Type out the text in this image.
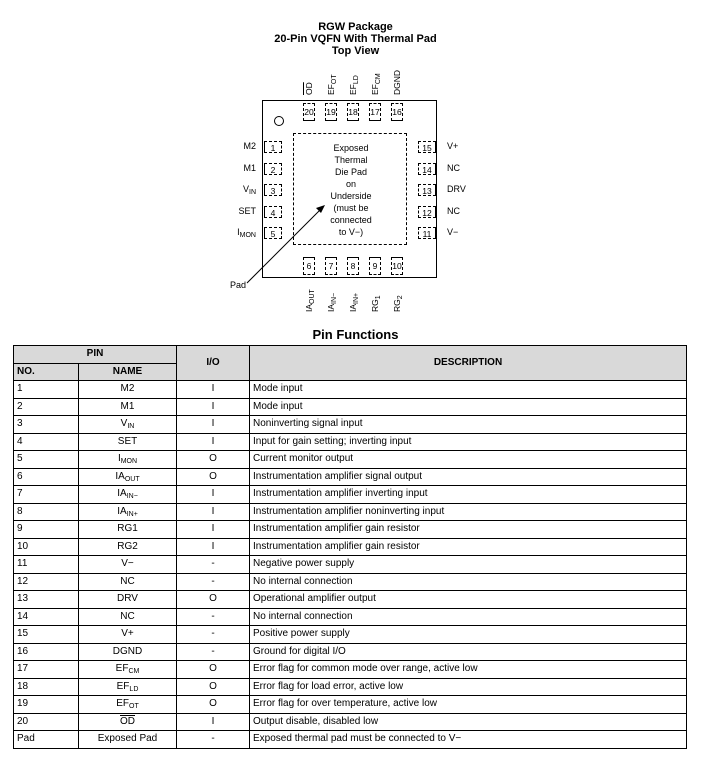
RGW Package
20-Pin VQFN With Thermal Pad
Top View
Exposed
Thermal
Die Pad
on
Underside
(must be
connected
to V−)
Pad
1
M2
2
M1
3
$V_{IN}$
4
SET
5
$I_{MON}$
15	V+
14	NC
13	DRV
12	NC
11	V−
20
$\overline{OD}$
19
$EF_{OT}$
18
$EF_{LD}$
17
$EF_{CM}$
16
DGND
6
$IA_{OUT}$
7
$IA_{IN-}$
8
$IA_{IN+}$
9
$RG_1$
10
$RG_2$
Pin Functions
PIN		I/O	DESCRIPTION
NO.	NAME		
1	M2	I	Mode input
2	M1	I	Mode input
3	$V_{IN}$	I	Noninverting signal input
4	SET	I	Input for gain setting; inverting input
5	$I_{MON}$	O	Current monitor output
6	$IA_{OUT}$	O	Instrumentation amplifier signal output
7	$IA_{IN-}$	I	Instrumentation amplifier inverting input
8	$IA_{IN+}$	I	Instrumentation amplifier noninverting input
9	RG1	I	Instrumentation amplifier gain resistor
10	RG2	I	Instrumentation amplifier gain resistor
11	V−	-	Negative power supply
12	NC	-	No internal connection
13	DRV	O	Operational amplifier output
14	NC	-	No internal connection
15	V+	-	Positive power supply
16	DGND	-	Ground for digital I/O
17	$EF_{CM}$	O	Error flag for common mode over range, active low
18	$EF_{LD}$	O	Error flag for load error, active low
19	$EF_{OT}$	O	Error flag for over temperature, active low
20	$\overline{OD}$	I	Output disable, disabled low
Pad	Exposed Pad	-	Exposed thermal pad must be connected to V−
